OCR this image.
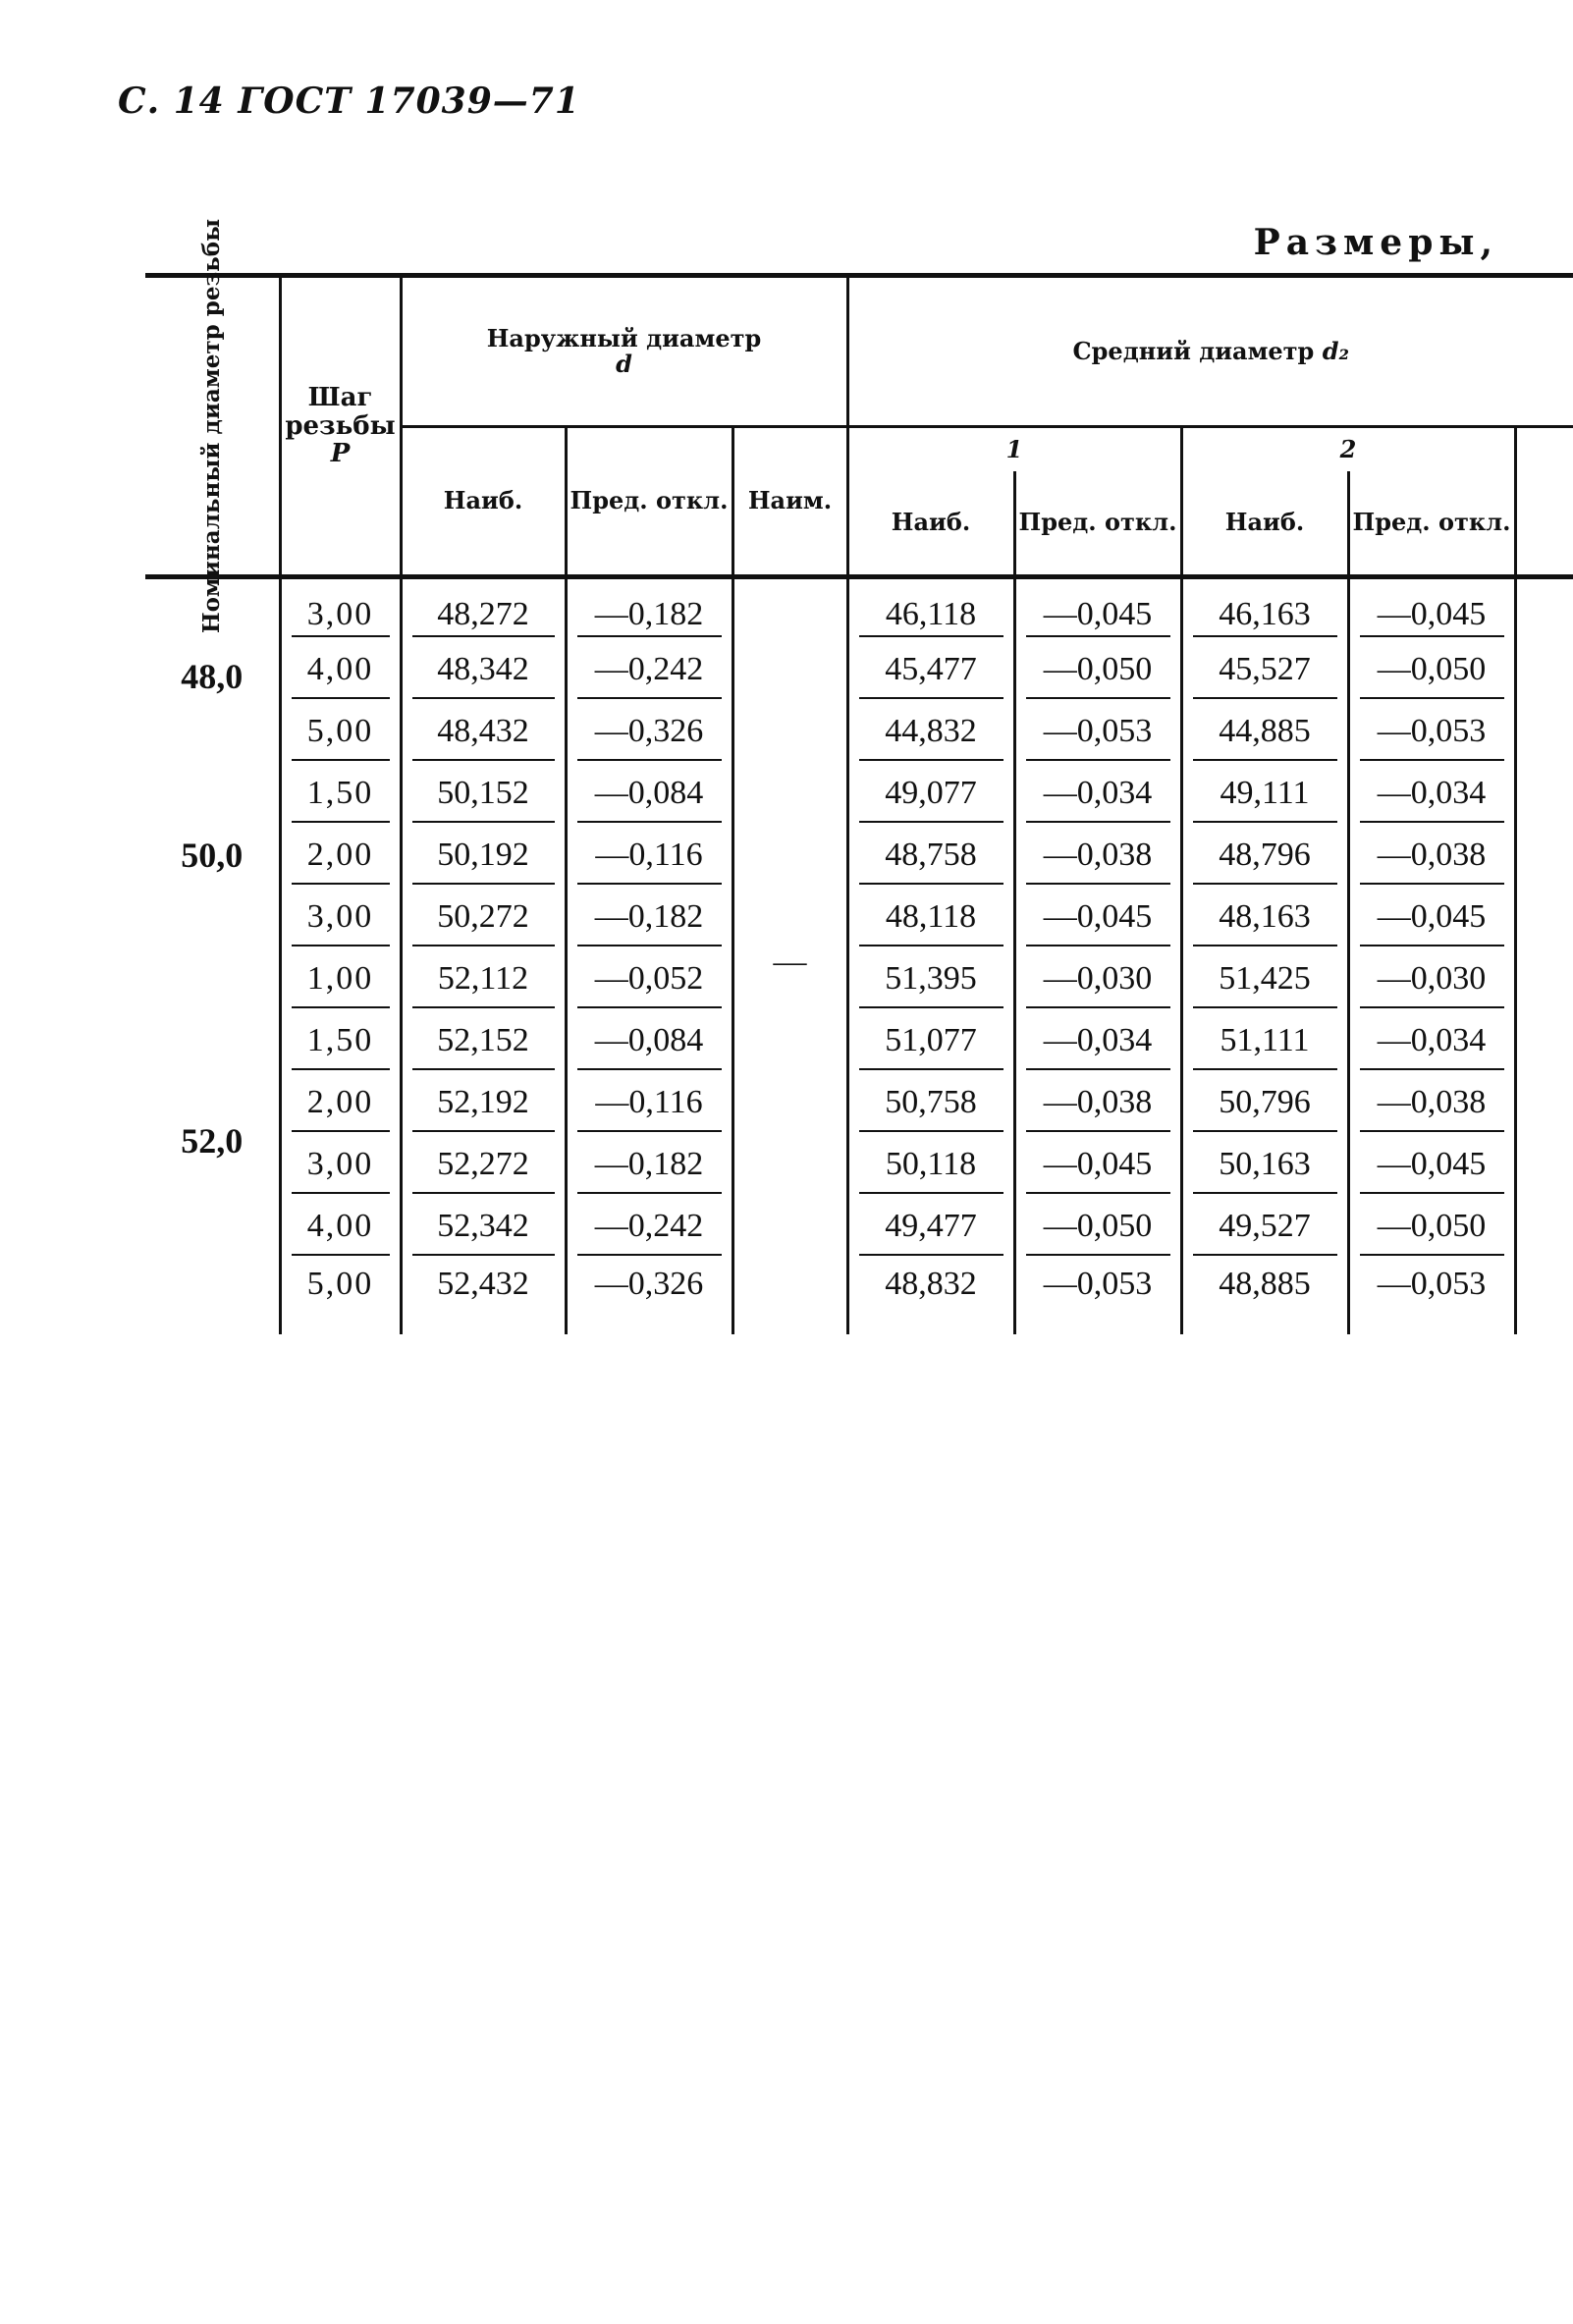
С. 14 ГОСТ 17039—71
Размеры,
Номинальный диаметр резьбы	Шаг резьбы
P	Наружный диаметр
d			Средний диаметр d₂				
		Наиб.	Пред. откл.	Наим.	1		2		
					Наиб.	Пред. откл.	Наиб.	Пред. откл.	
48,0	3,00	48,272	—0,182	—	46,118	—0,045	46,163	—0,045	
	4,00	48,342	—0,242		45,477	—0,050	45,527	—0,050	
	5,00	48,432	—0,326		44,832	—0,053	44,885	—0,053	
50,0	1,50	50,152	—0,084		49,077	—0,034	49,111	—0,034	
	2,00	50,192	—0,116		48,758	—0,038	48,796	—0,038	
	3,00	50,272	—0,182		48,118	—0,045	48,163	—0,045	
52,0	1,00	52,112	—0,052		51,395	—0,030	51,425	—0,030	
	1,50	52,152	—0,084		51,077	—0,034	51,111	—0,034	
	2,00	52,192	—0,116		50,758	—0,038	50,796	—0,038	
	3,00	52,272	—0,182		50,118	—0,045	50,163	—0,045	
	4,00	52,342	—0,242		49,477	—0,050	49,527	—0,050	
	5,00	52,432	—0,326		48,832	—0,053	48,885	—0,053	
